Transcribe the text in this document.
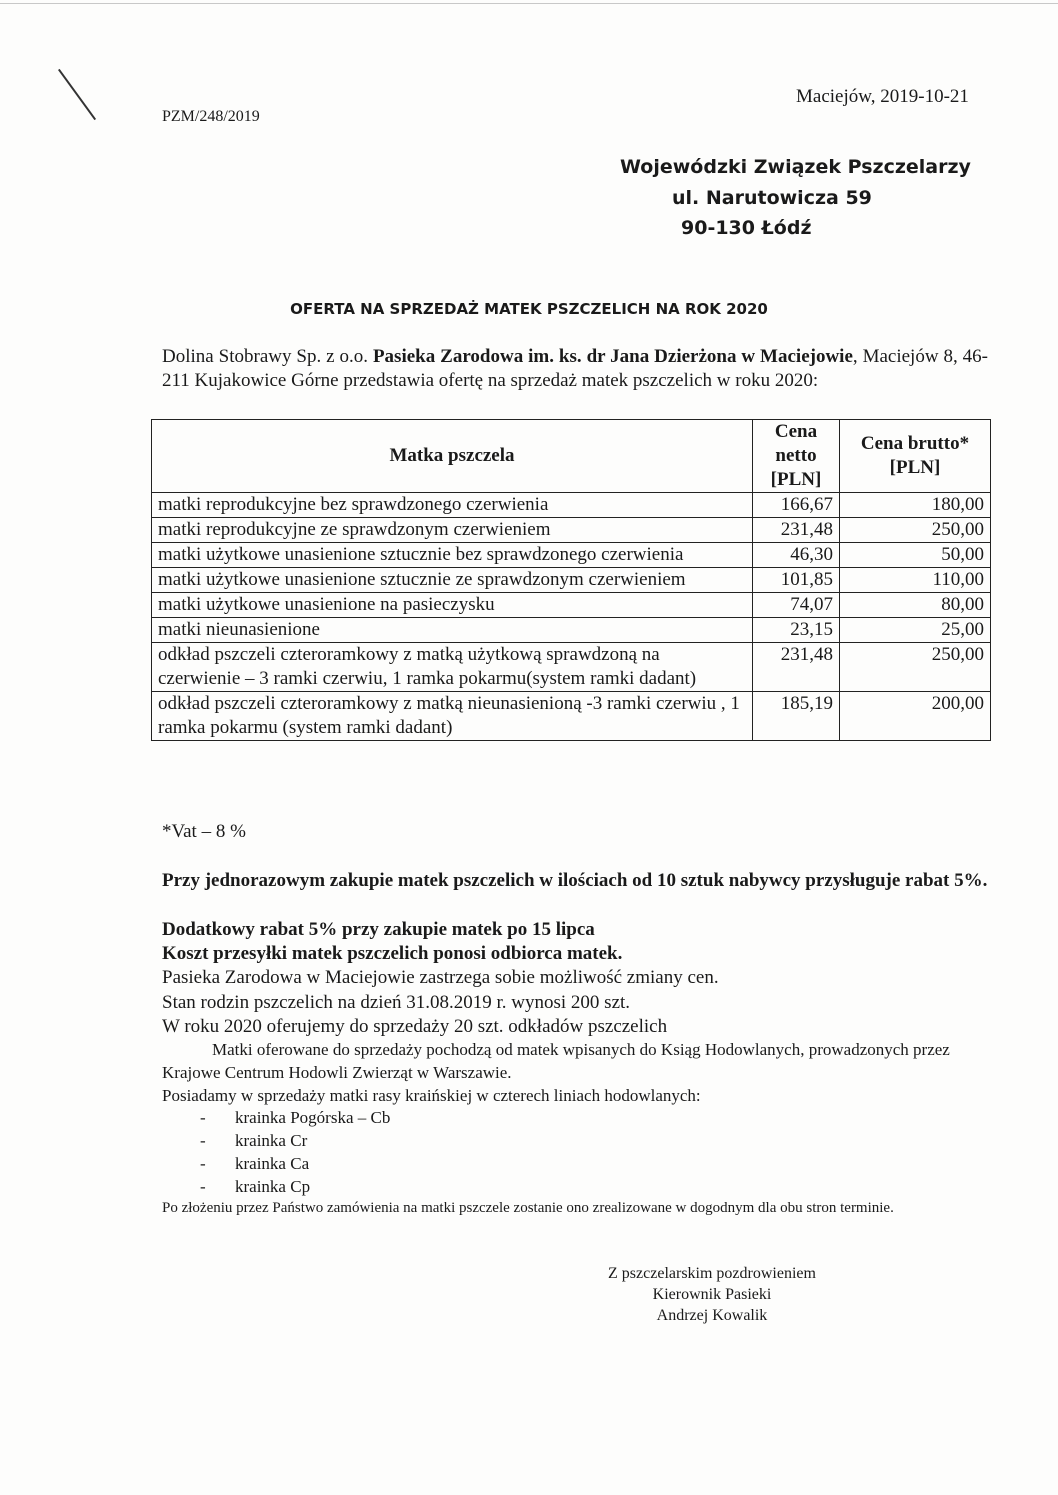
PZM/248/2019
Maciejów, 2019-10-21
Wojewódzki Związek Pszczelarzy
ul. Narutowicza 59
90-130 Łódź
OFERTA NA SPRZEDAŻ MATEK PSZCZELICH NA ROK 2020
Dolina Stobrawy Sp. z o.o. Pasieka Zarodowa im. ks. dr Jana Dzierżona w Maciejowie, Maciejów 8, 46-211 Kujakowice Górne przedstawia ofertę na sprzedaż matek pszczelich w roku 2020:
Matka pszczela	Cena netto [PLN]	Cena brutto* [PLN]
matki reprodukcyjne bez sprawdzonego czerwienia	166,67	180,00
matki reprodukcyjne ze sprawdzonym czerwieniem	231,48	250,00
matki użytkowe unasienione sztucznie bez sprawdzonego czerwienia	46,30	50,00
matki użytkowe unasienione sztucznie ze sprawdzonym czerwieniem	101,85	110,00
matki użytkowe unasienione na pasieczysku	74,07	80,00
matki nieunasienione	23,15	25,00
odkład pszczeli czteroramkowy z matką użytkową sprawdzoną na czerwienie – 3 ramki czerwiu, 1 ramka pokarmu(system ramki dadant)	231,48	250,00
odkład pszczeli czteroramkowy z matką nieunasienioną -3 ramki czerwiu , 1 ramka pokarmu (system ramki dadant)	185,19	200,00
*Vat – 8 %
Przy jednorazowym zakupie matek pszczelich w ilościach od 10 sztuk nabywcy przysługuje rabat 5%.
Dodatkowy rabat 5% przy zakupie matek po 15 lipca
Koszt przesyłki matek pszczelich ponosi odbiorca matek.
Pasieka Zarodowa w Maciejowie zastrzega sobie możliwość zmiany cen.
Stan rodzin pszczelich na dzień 31.08.2019 r. wynosi 200 szt.
W roku 2020 oferujemy do sprzedaży 20 szt. odkładów pszczelich
Matki oferowane do sprzedaży pochodzą od matek wpisanych do Ksiąg Hodowlanych, prowadzonych przez Krajowe Centrum Hodowli Zwierząt w Warszawie.
Posiadamy w sprzedaży matki rasy kraińskiej w czterech liniach hodowlanych:
-	krainka Pogórska – Cb
-	krainka Cr
-	krainka Ca
-	krainka Cp
Po złożeniu przez Państwo zamówienia na matki pszczele zostanie ono zrealizowane w dogodnym dla obu stron terminie.
Z pszczelarskim pozdrowieniem
Kierownik Pasieki
Andrzej Kowalik
